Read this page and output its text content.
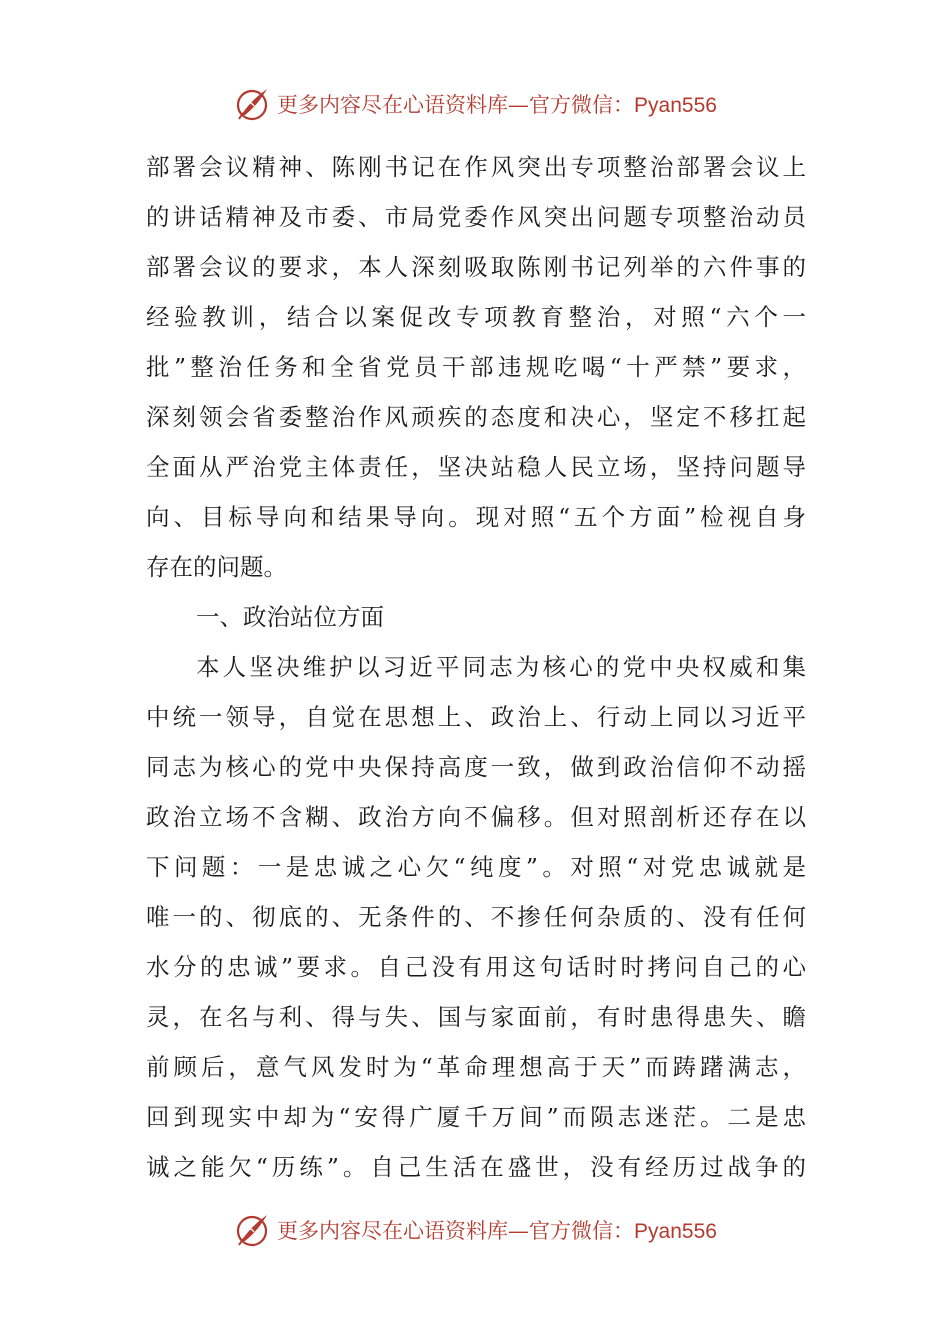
更多内容尽在心语资料库—官方微信：Pyan556
部署会议精神、陈刚书记在作风突出专项整治部署会议上
的讲话精神及市委、市局党委作风突出问题专项整治动员
部署会议的要求，本人深刻吸取陈刚书记列举的六件事的
经验教训，结合以案促改专项教育整治，对照“六个一
批”整治任务和全省党员干部违规吃喝“十严禁”要求，
深刻领会省委整治作风顽疾的态度和决心，坚定不移扛起
全面从严治党主体责任，坚决站稳人民立场，坚持问题导
向、目标导向和结果导向。现对照“五个方面”检视自身
存在的问题。
一、政治站位方面
本人坚决维护以习近平同志为核心的党中央权威和集
中统一领导，自觉在思想上、政治上、行动上同以习近平
同志为核心的党中央保持高度一致，做到政治信仰不动摇
政治立场不含糊、政治方向不偏移。但对照剖析还存在以
下问题：一是忠诚之心欠“纯度”。对照“对党忠诚就是
唯一的、彻底的、无条件的、不掺任何杂质的、没有任何
水分的忠诚”要求。自己没有用这句话时时拷问自己的心
灵，在名与利、得与失、国与家面前，有时患得患失、瞻
前顾后，意气风发时为“革命理想高于天”而踌躇满志，
回到现实中却为“安得广厦千万间”而陨志迷茫。二是忠
诚之能欠“历练”。自己生活在盛世，没有经历过战争的
更多内容尽在心语资料库—官方微信：Pyan556
